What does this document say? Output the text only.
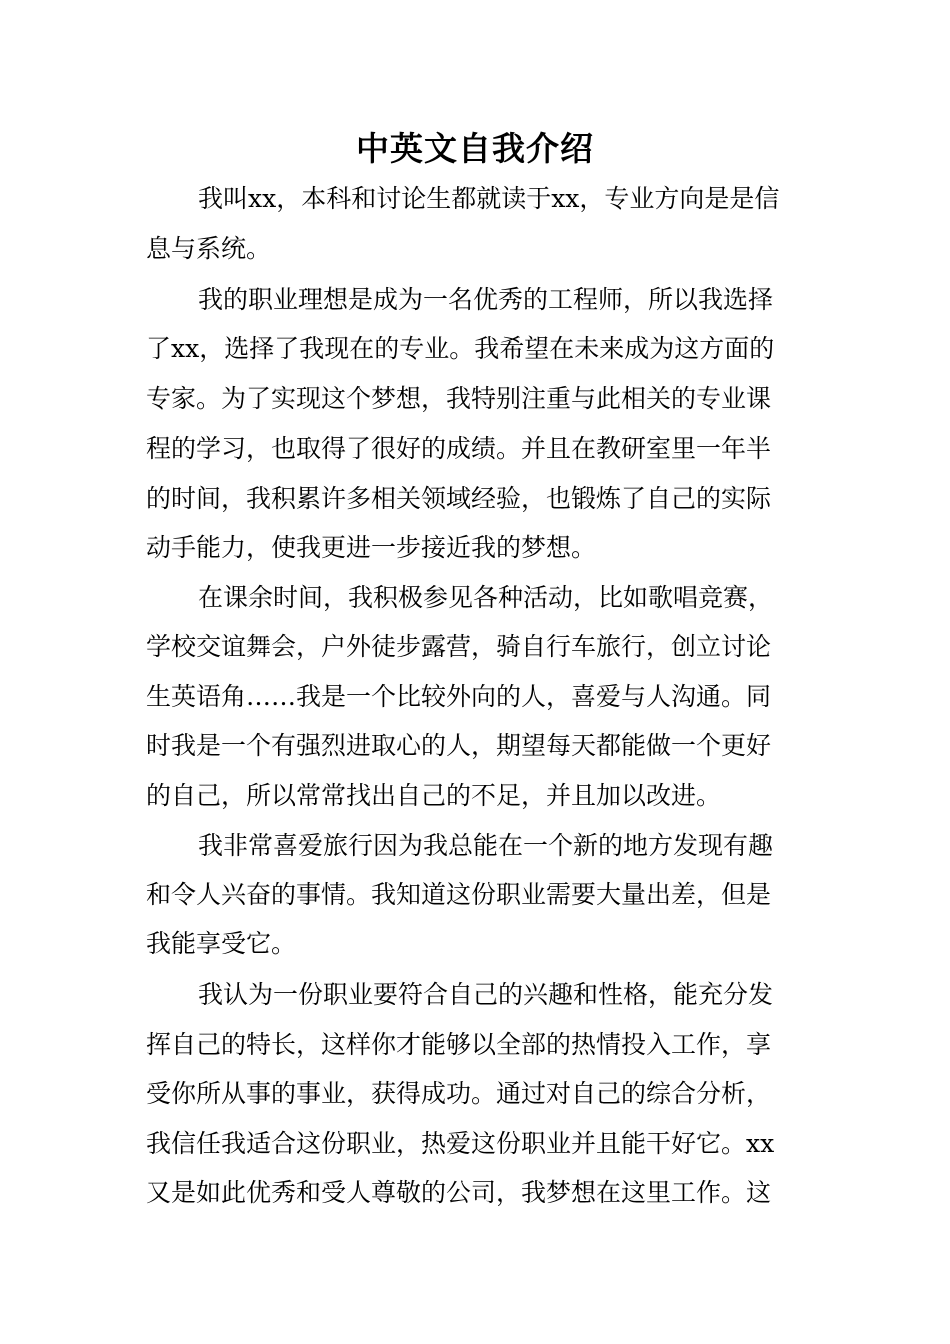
中英文自我介绍
我叫xx，本科和讨论生都就读于xx，专业方向是是信
息与系统。
我的职业理想是成为一名优秀的工程师，所以我选择
了xx，选择了我现在的专业。我希望在未来成为这方面的
专家。为了实现这个梦想，我特别注重与此相关的专业课
程的学习，也取得了很好的成绩。并且在教研室里一年半
的时间，我积累许多相关领域经验，也锻炼了自己的实际
动手能力，使我更进一步接近我的梦想。
在课余时间，我积极参见各种活动，比如歌唱竞赛，
学校交谊舞会，户外徒步露营，骑自行车旅行，创立讨论
生英语角……我是一个比较外向的人，喜爱与人沟通。同
时我是一个有强烈进取心的人，期望每天都能做一个更好
的自己，所以常常找出自己的不足，并且加以改进。
我非常喜爱旅行因为我总能在一个新的地方发现有趣
和令人兴奋的事情。我知道这份职业需要大量出差，但是
我能享受它。
我认为一份职业要符合自己的兴趣和性格，能充分发
挥自己的特长，这样你才能够以全部的热情投入工作，享
受你所从事的事业，获得成功。通过对自己的综合分析，
我信任我适合这份职业，热爱这份职业并且能干好它。xx
又是如此优秀和受人尊敬的公司，我梦想在这里工作。这
